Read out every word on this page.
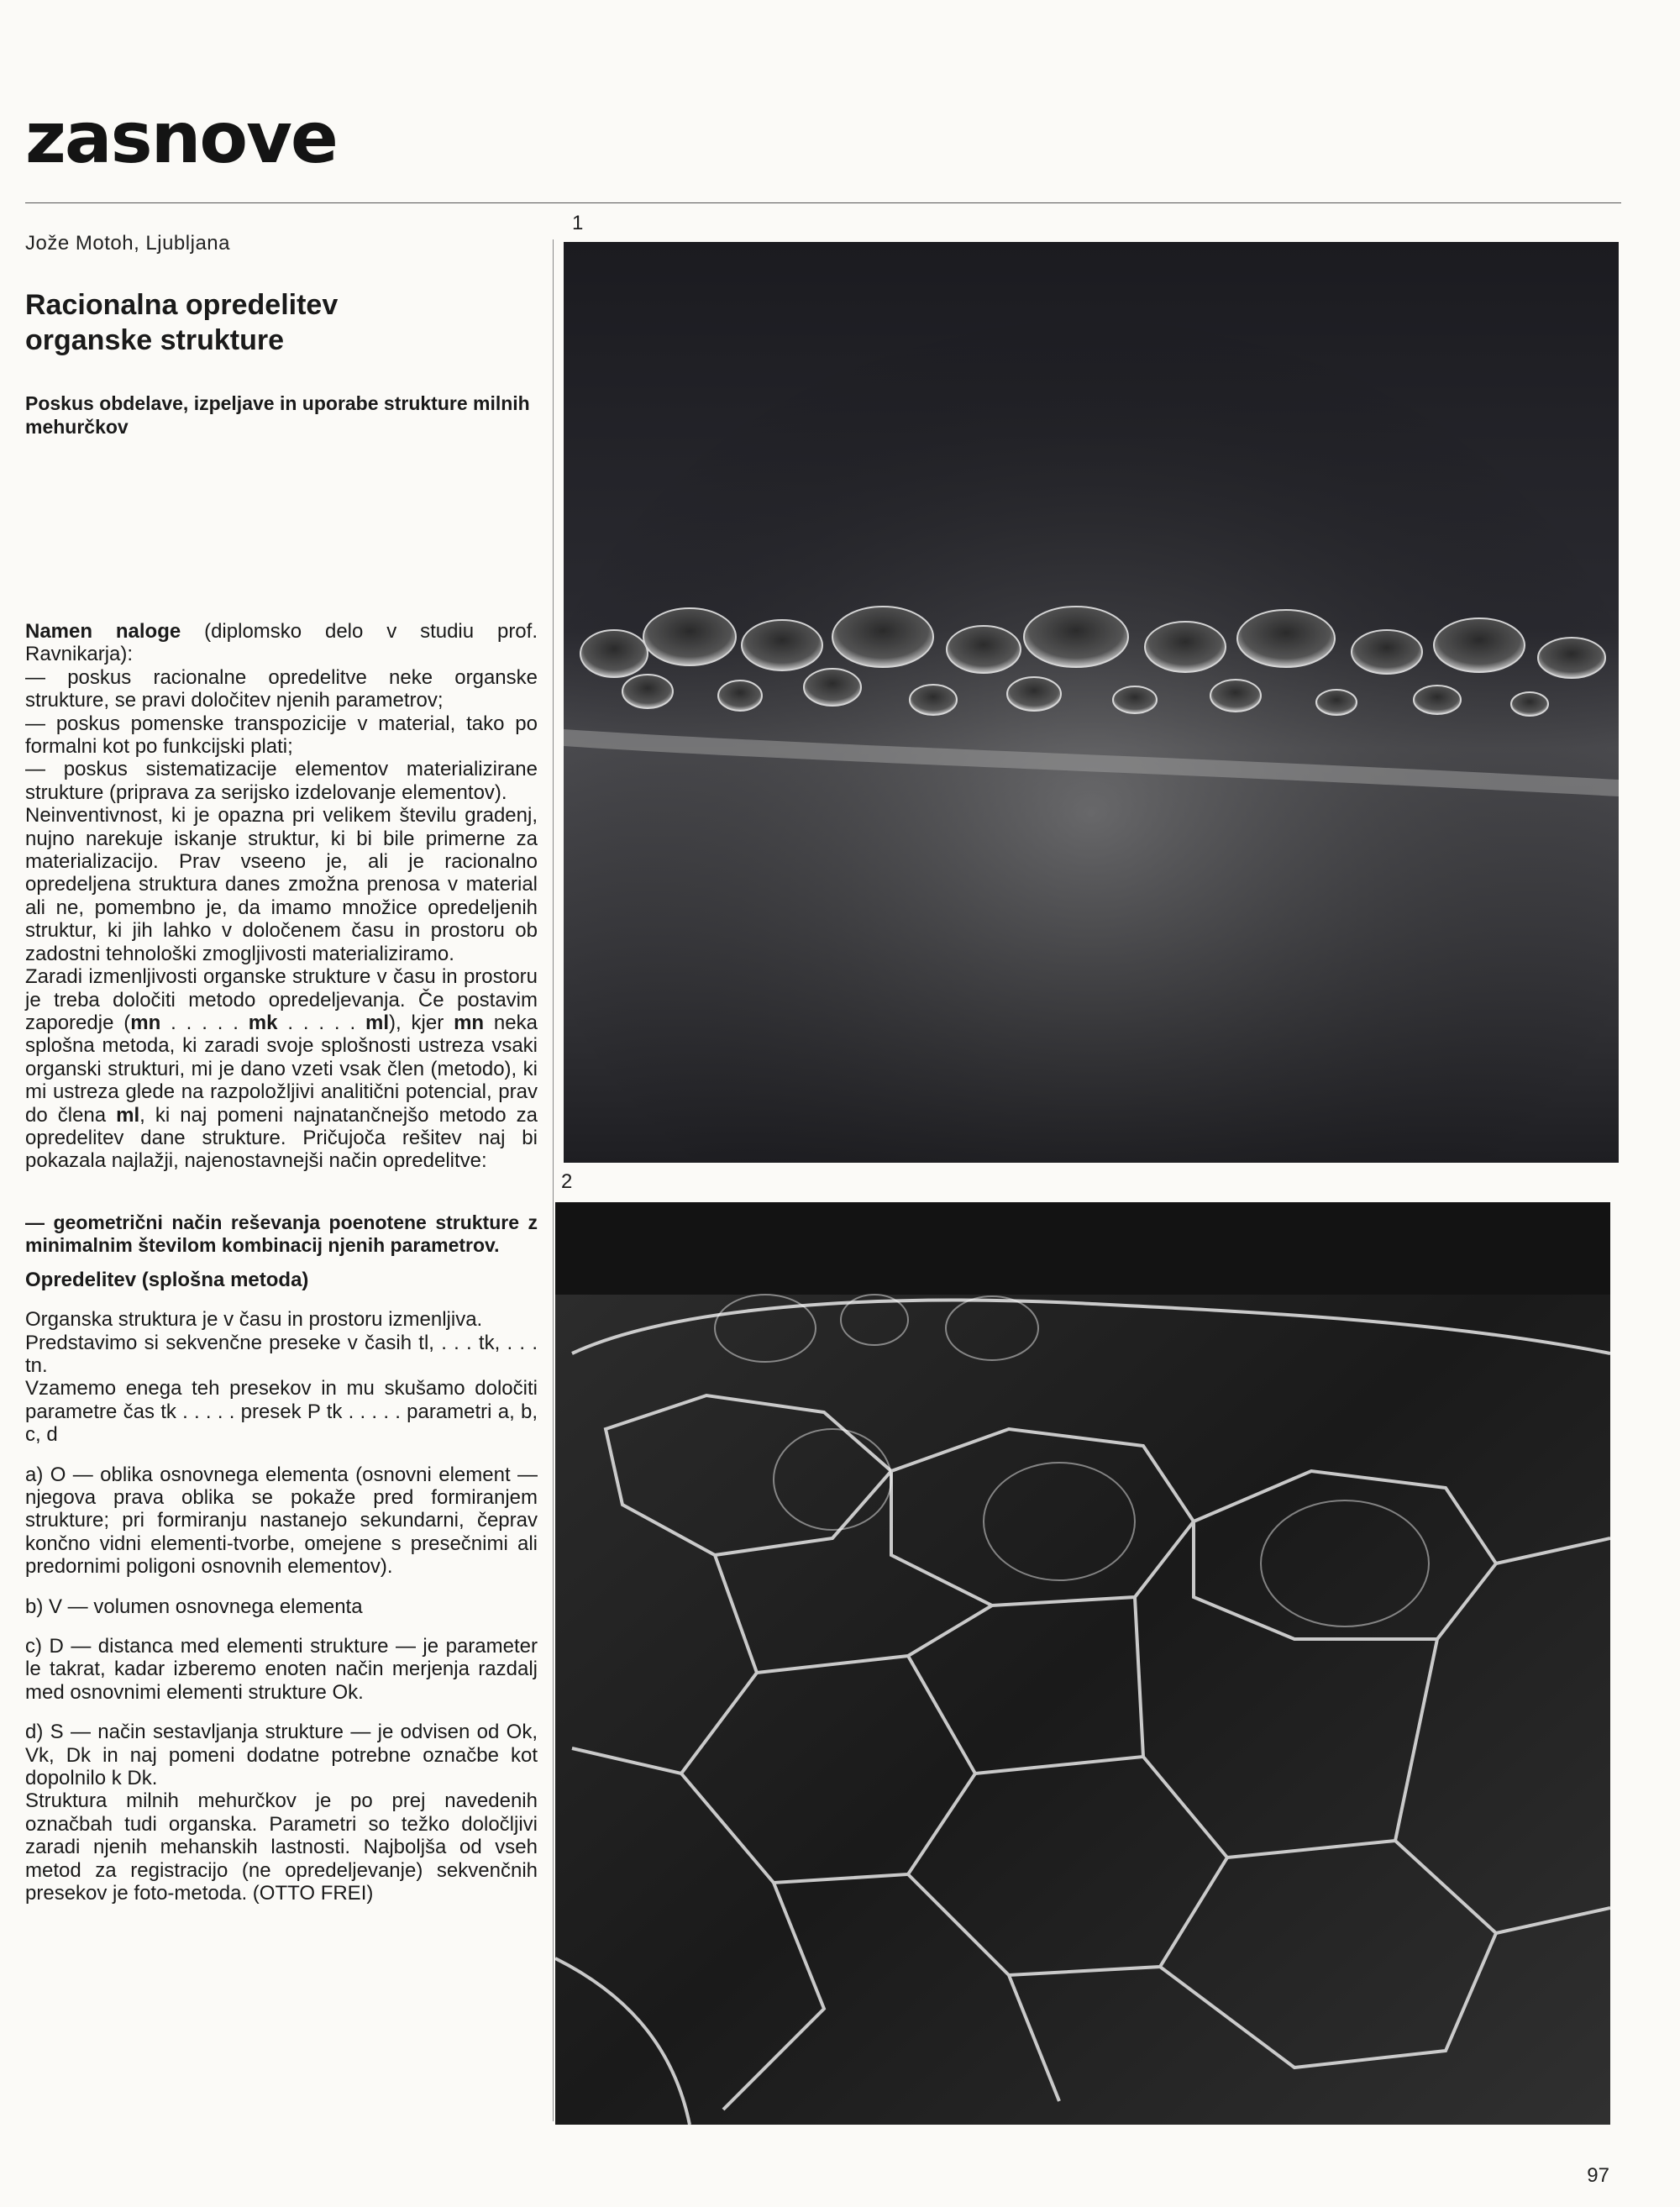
zasnove
Jože Motoh, Ljubljana
Racionalna opredelitev
organske strukture

Poskus obdelave, izpeljave in uporabe strukture milnih mehurčkov

Namen naloge (diplomsko delo v studiu prof. Ravnikarja):

— poskus racionalne opredelitve neke organske strukture, se pravi določitev njenih parametrov;

— poskus pomenske transpozicije v material, tako po formalni kot po funkcijski plati;

— poskus sistematizacije elementov materializirane strukture (priprava za serijsko izdelovanje elementov).

Neinventivnost, ki je opazna pri velikem številu gradenj, nujno narekuje iskanje struktur, ki bi bile primerne za materializacijo. Prav vseeno je, ali je racionalno opredeljena struktura danes zmožna prenosa v material ali ne, pomembno je, da imamo množice opredeljenih struktur, ki jih lahko v določenem času in prostoru ob zadostni tehnološki zmogljivosti materializiramo.

Zaradi izmenljivosti organske strukture v času in prostoru je treba določiti metodo opredeljevanja. Če postavim zaporedje (mn . . . . . mk . . . . . ml), kjer mn neka splošna metoda, ki zaradi svoje splošnosti ustreza vsaki organski strukturi, mi je dano vzeti vsak člen (metodo), ki mi ustreza glede na razpoložljivi analitični potencial, prav do člena ml, ki naj pomeni najnatančnejšo metodo za opredelitev dane strukture. Pričujoča rešitev naj bi pokazala najlažji, najenostavnejši način opredelitve:

— geometrični način reševanja poenotene strukture z minimalnim številom kombinacij njenih parametrov.

Opredelitev (splošna metoda)

Organska struktura je v času in prostoru izmenljiva.

Predstavimo si sekvenčne preseke v časih tl, . . . tk, . . . tn.

Vzamemo enega teh presekov in mu skušamo določiti parametre čas tk . . . . . presek P tk . . . . . parametri a, b, c, d

a) O — oblika osnovnega elementa (osnovni element — njegova prava oblika se pokaže pred formiranjem strukture; pri formiranju nastanejo sekundarni, čeprav končno vidni elementi-tvorbe, omejene s presečnimi ali predornimi poligoni osnovnih elementov).

b) V — volumen osnovnega elementa

c) D — distanca med elementi strukture — je parameter le takrat, kadar izberemo enoten način merjenja razdalj med osnovnimi elementi strukture Ok.

d) S — način sestavljanja strukture — je odvisen od Ok, Vk, Dk in naj pomeni dodatne potrebne označbe kot dopolnilo k Dk.

Struktura milnih mehurčkov je po prej navedenih označbah tudi organska. Parametri so težko določljivi zaradi njenih mehanskih lastnosti. Najboljša od vseh metod za registracijo (ne opredeljevanje) sekvenčnih presekov je foto-metoda. (OTTO FREI)

1
2
97
